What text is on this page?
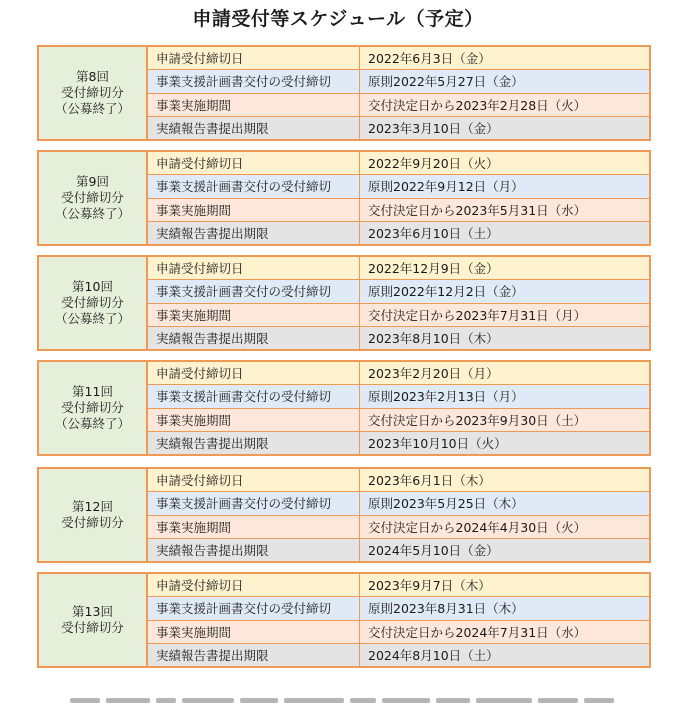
申請受付等スケジュール（予定）
第8回
受付締切分
（公募終了）
申請受付締切日	2022年6月3日（金）
事業支援計画書交付の受付締切	原則2022年5月27日（金）
事業実施期間	交付決定日から2023年2月28日（火）
実績報告書提出期限	2023年3月10日（金）
第9回
受付締切分
（公募終了）
申請受付締切日	2022年9月20日（火）
事業支援計画書交付の受付締切	原則2022年9月12日（月）
事業実施期間	交付決定日から2023年5月31日（水）
実績報告書提出期限	2023年6月10日（土）
第10回
受付締切分
（公募終了）
申請受付締切日	2022年12月9日（金）
事業支援計画書交付の受付締切	原則2022年12月2日（金）
事業実施期間	交付決定日から2023年7月31日（月）
実績報告書提出期限	2023年8月10日（木）
第11回
受付締切分
（公募終了）
申請受付締切日	2023年2月20日（月）
事業支援計画書交付の受付締切	原則2023年2月13日（月）
事業実施期間	交付決定日から2023年9月30日（土）
実績報告書提出期限	2023年10月10日（火）
第12回
受付締切分
申請受付締切日	2023年6月1日（木）
事業支援計画書交付の受付締切	原則2023年5月25日（木）
事業実施期間	交付決定日から2024年4月30日（火）
実績報告書提出期限	2024年5月10日（金）
第13回
受付締切分
申請受付締切日	2023年9月7日（木）
事業支援計画書交付の受付締切	原則2023年8月31日（木）
事業実施期間	交付決定日から2024年7月31日（水）
実績報告書提出期限	2024年8月10日（土）
